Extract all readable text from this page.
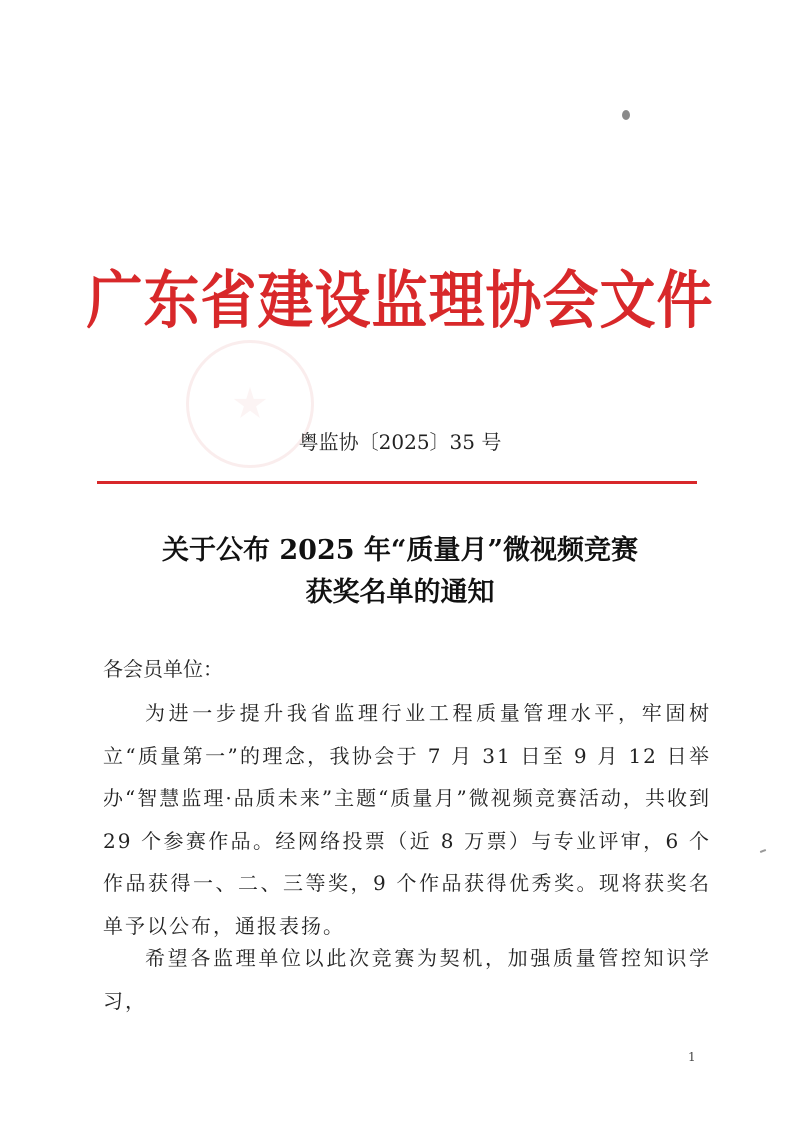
广东省建设监理协会文件
粤监协〔2025〕35 号
关于公布 2025 年“质量月”微视频竞赛
获奖名单的通知
各会员单位：

为进一步提升我省监理行业工程质量管理水平，牢固树立“质量第一”的理念，我协会于 7 月 31 日至 9 月 12 日举办“智慧监理·品质未来”主题“质量月”微视频竞赛活动，共收到 29 个参赛作品。经网络投票（近 8 万票）与专业评审，6 个作品获得一、二、三等奖，9 个作品获得优秀奖。现将获奖名单予以公布，通报表扬。

希望各监理单位以此次竞赛为契机，加强质量管控知识学习，

1
